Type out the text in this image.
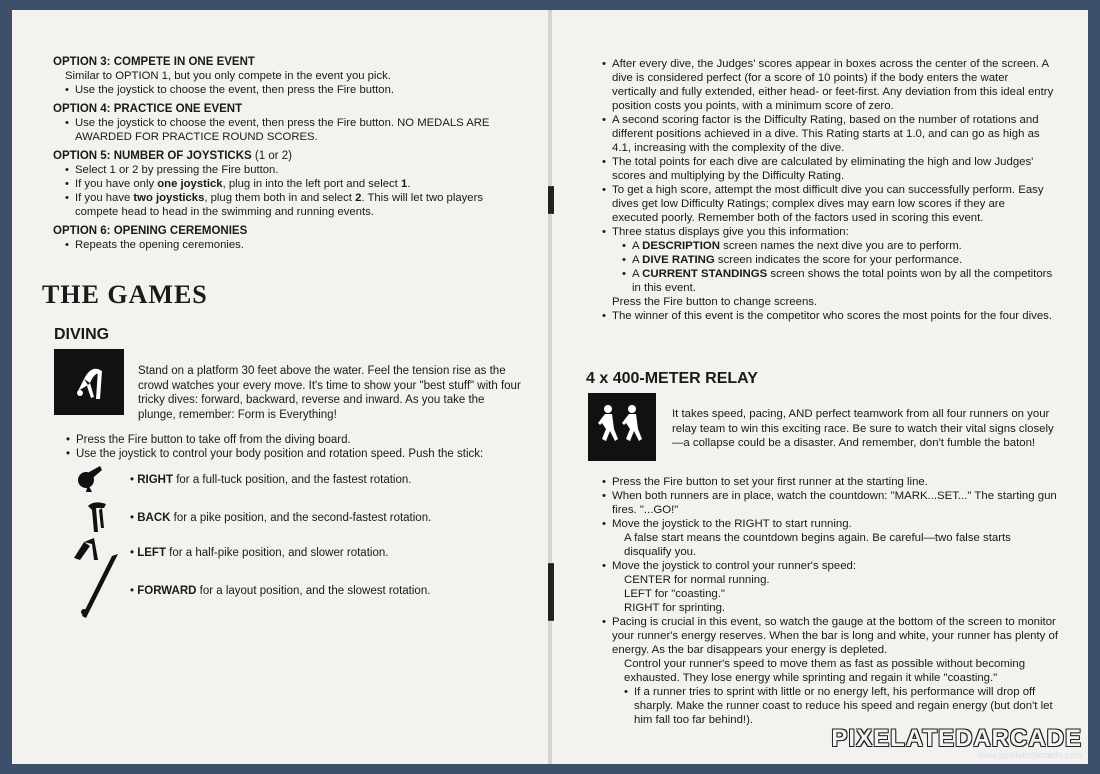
OPTION 3: COMPETE IN ONE EVENT
Similar to OPTION 1, but you only compete in the event you pick.
• Use the joystick to choose the event, then press the Fire button.
OPTION 4: PRACTICE ONE EVENT
• Use the joystick to choose the event, then press the Fire button. NO MEDALS ARE AWARDED FOR PRACTICE ROUND SCORES.
OPTION 5: NUMBER OF JOYSTICKS (1 or 2)
• Select 1 or 2 by pressing the Fire button.
• If you have only one joystick, plug in into the left port and select 1.
• If you have two joysticks, plug them both in and select 2. This will let two players compete head to head in the swimming and running events.
OPTION 6: OPENING CEREMONIES
• Repeats the opening ceremonies.
THE GAMES
DIVING
Stand on a platform 30 feet above the water. Feel the tension rise as the crowd watches your every move. It's time to show your "best stuff" with four tricky dives: forward, backward, reverse and inward. As you take the plunge, remember: Form is Everything!
• Press the Fire button to take off from the diving board.
• Use the joystick to control your body position and rotation speed. Push the stick:
• RIGHT for a full-tuck position, and the fastest rotation.
• BACK for a pike position, and the second-fastest rotation.
• LEFT for a half-pike position, and slower rotation.
• FORWARD for a layout position, and the slowest rotation.
• After every dive, the Judges' scores appear in boxes across the center of the screen. A dive is considered perfect (for a score of 10 points) if the body enters the water vertically and fully extended, either head- or feet-first. Any deviation from this ideal entry position costs you points, with a minimum score of zero.
• A second scoring factor is the Difficulty Rating, based on the number of rotations and different positions achieved in a dive. This Rating starts at 1.0, and can go as high as 4.1, increasing with the complexity of the dive.
• The total points for each dive are calculated by eliminating the high and low Judges' scores and multiplying by the Difficulty Rating.
• To get a high score, attempt the most difficult dive you can successfully perform. Easy dives get low Difficulty Ratings; complex dives may earn low scores if they are executed poorly. Remember both of the factors used in scoring this event.
• Three status displays give you this information:
• A DESCRIPTION screen names the next dive you are to perform.
• A DIVE RATING screen indicates the score for your performance.
• A CURRENT STANDINGS screen shows the total points won by all the competitors in this event.
Press the Fire button to change screens.
• The winner of this event is the competitor who scores the most points for the four dives.
4 x 400-METER RELAY
It takes speed, pacing, AND perfect teamwork from all four runners on your relay team to win this exciting race. Be sure to watch their vital signs closely—a collapse could be a disaster. And remember, don't fumble the baton!
• Press the Fire button to set your first runner at the starting line.
• When both runners are in place, watch the countdown: "MARK...SET..." The starting gun fires. "...GO!"
• Move the joystick to the RIGHT to start running.
A false start means the countdown begins again. Be careful—two false starts disqualify you.
• Move the joystick to control your runner's speed:
CENTER for normal running.
LEFT for "coasting."
RIGHT for sprinting.
• Pacing is crucial in this event, so watch the gauge at the bottom of the screen to monitor your runner's energy reserves. When the bar is long and white, your runner has plenty of energy. As the bar disappears your energy is depleted.
Control your runner's speed to move them as fast as possible without becoming exhausted. They lose energy while sprinting and regain it while "coasting."
• If a runner tries to sprint with little or no energy left, his performance will drop off sharply. Make the runner coast to reduce his speed and regain energy (but don't let him fall too far behind!).
PIXELATEDARCADE
www.pixelatedarcade.com
